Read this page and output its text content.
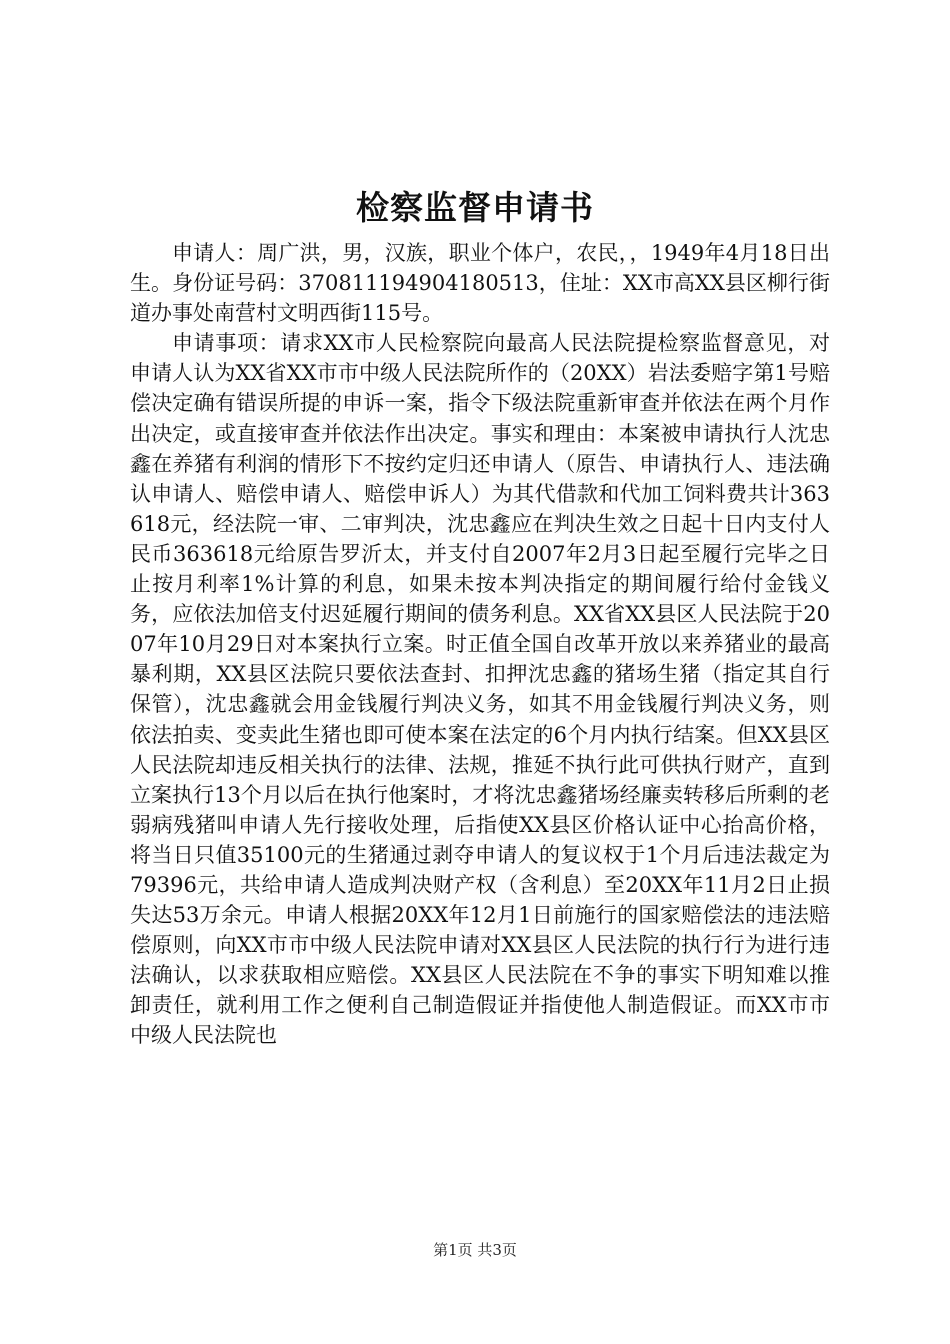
检察监督申请书

申请人：周广洪，男，汉族，职业个体户，农民，，1949年4月18日出生。身份证号码：370811194904180513，住址：XX市高XX县区柳行街道办事处南营村文明西街115号。

申请事项：请求XX市人民检察院向最高人民法院提检察监督意见，对申请人认为XX省XX市市中级人民法院所作的（20XX）岩法委赔字第1号赔偿决定确有错误所提的申诉一案，指令下级法院重新审查并依法在两个月作出决定，或直接审查并依法作出决定。事实和理由：本案被申请执行人沈忠鑫在养猪有利润的情形下不按约定归还申请人（原告、申请执行人、违法确认申请人、赔偿申请人、赔偿申诉人）为其代借款和代加工饲料费共计363618元，经法院一审、二审判决，沈忠鑫应在判决生效之日起十日内支付人民币363618元给原告罗沂太，并支付自2007年2月3日起至履行完毕之日止按月利率1%计算的利息，如果未按本判决指定的期间履行给付金钱义务，应依法加倍支付迟延履行期间的债务利息。XX省XX县区人民法院于2007年10月29日对本案执行立案。时正值全国自改革开放以来养猪业的最高暴利期，XX县区法院只要依法查封、扣押沈忠鑫的猪场生猪（指定其自行保管），沈忠鑫就会用金钱履行判决义务，如其不用金钱履行判决义务，则依法拍卖、变卖此生猪也即可使本案在法定的6个月内执行结案。但XX县区人民法院却违反相关执行的法律、法规，推延不执行此可供执行财产，直到立案执行13个月以后在执行他案时，才将沈忠鑫猪场经廉卖转移后所剩的老弱病残猪叫申请人先行接收处理，后指使XX县区价格认证中心抬高价格，将当日只值35100元的生猪通过剥夺申请人的复议权于1个月后违法裁定为79396元，共给申请人造成判决财产权（含利息）至20XX年11月2日止损失达53万余元。申请人根据20XX年12月1日前施行的国家赔偿法的违法赔偿原则，向XX市市中级人民法院申请对XX县区人民法院的执行行为进行违法确认，以求获取相应赔偿。XX县区人民法院在不争的事实下明知难以推卸责任，就利用工作之便利自己制造假证并指使他人制造假证。而XX市市中级人民法院也

第1页 共3页
